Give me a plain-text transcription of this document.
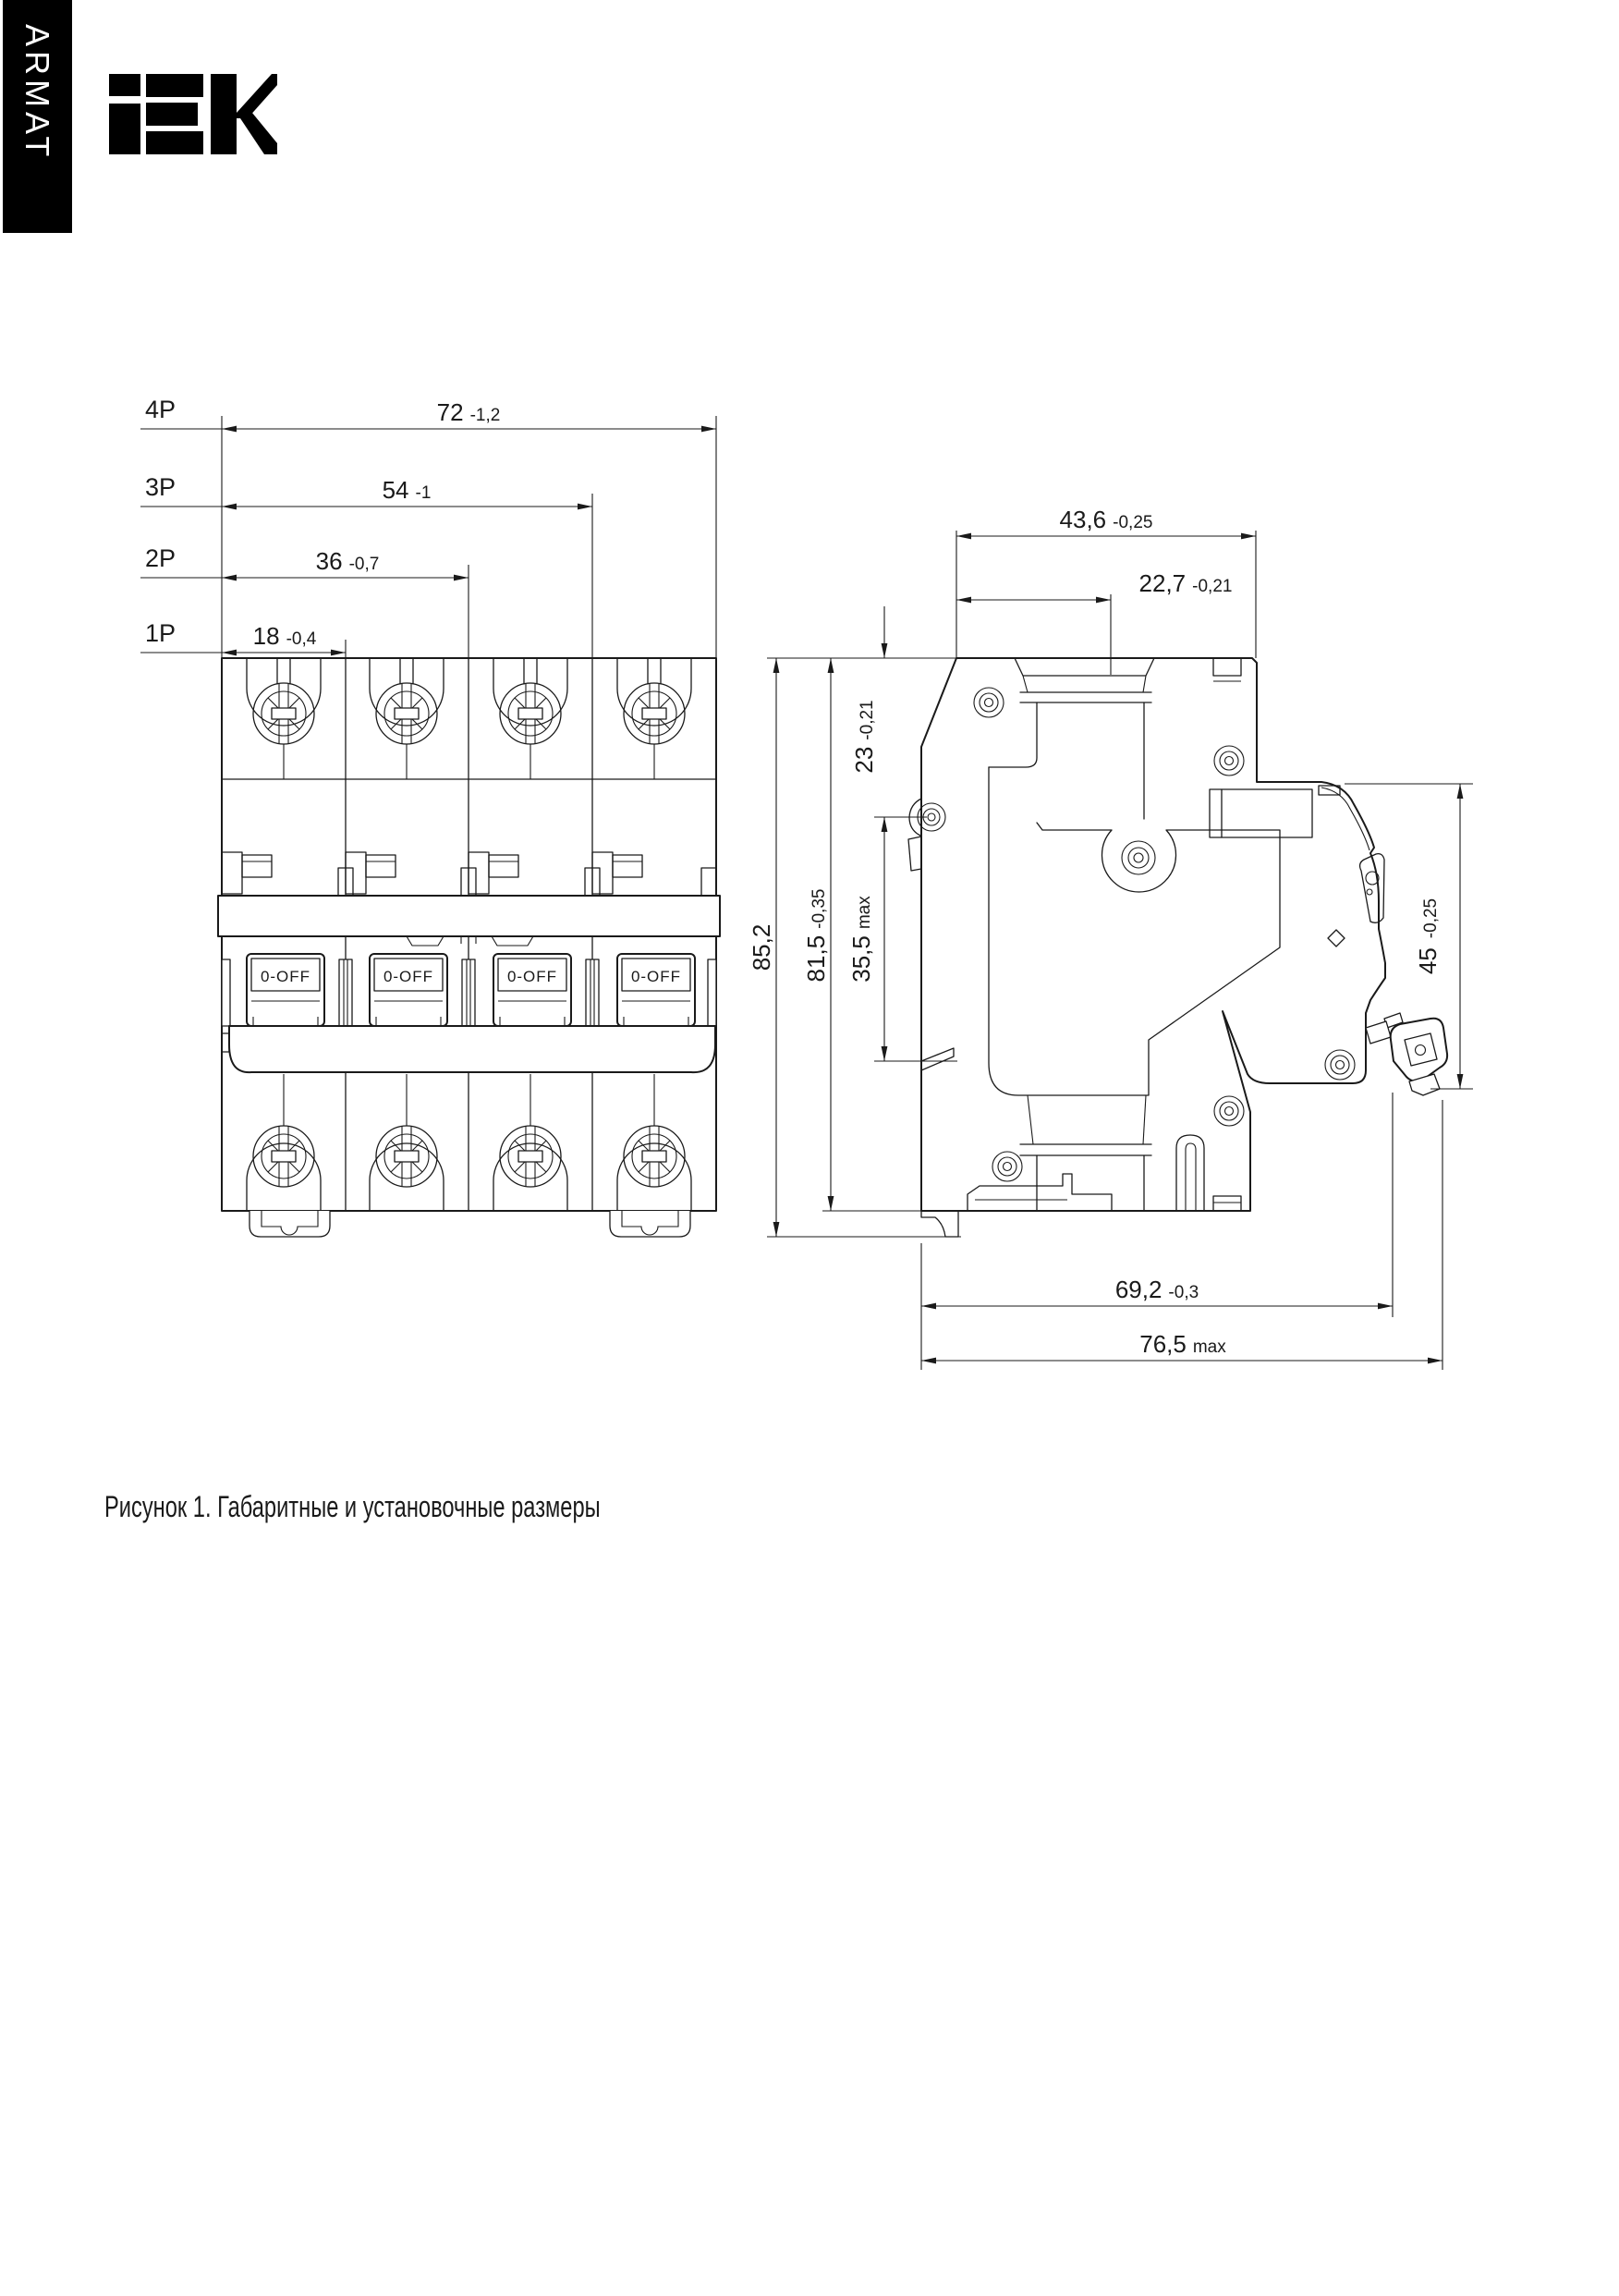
ARMAT
4P	72 -1,2
3P	54 -1
2P	36 -0,7
1P	18 -0,4
0-OFF	0-OFF	0-OFF	0-OFF
43,6 -0,25
22,7 -0,21
85,2 81,5-0,35
23-0,21
35,5max
45-0,25
69,2 -0,3
76,5 max
Рисунок 1. Габаритные и установочные размеры
